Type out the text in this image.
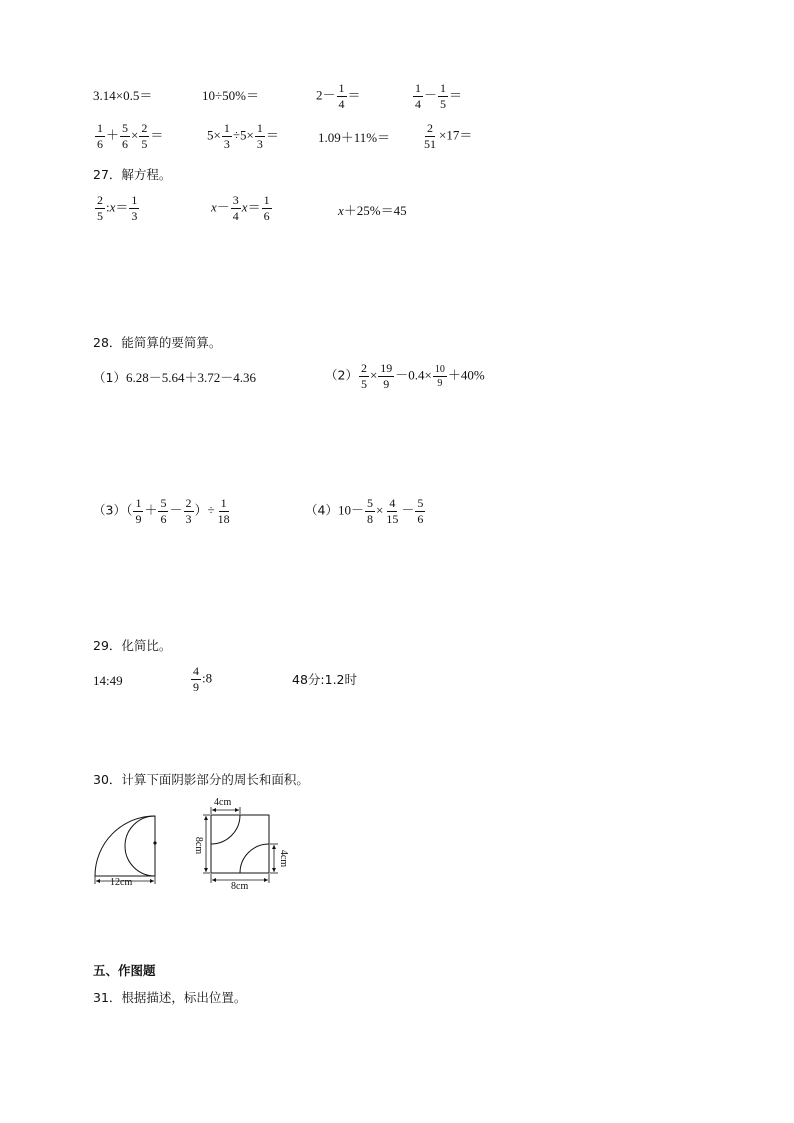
3.14×0.5＝	10÷50%＝	$2- \frac{1}{4}$ ＝	$\frac{1}{4} - \frac{1}{5}$ ＝
$\frac{1}{6} + \frac{5}{6} \times \frac{2}{5}$ ＝	$5\times \frac{1}{3} \div 5\times \frac{1}{3}$ ＝	1.09＋11%＝	$\frac{2}{51} \times 17=$
27．解方程。
$\frac{2}{5}$ :x＝ $\frac{1}{3}$	$x- \frac{3}{4} x= \frac{1}{6}$	x＋25%＝45
28．能简算的要简算。
（1）6.28－5.64＋3.72－4.36	$(2) \frac{2}{5} \times \frac{19}{9} -0.4\times \frac{10}{9} +40\%$
$(3)( \frac{1}{9} + \frac{5}{6} - \frac{2}{3}$ ）÷ $\frac{1}{18}$	$(4)10- \frac{5}{8} \times \frac{4}{15} - \frac{5}{6}$
29．化简比。
14:49	$\frac{4}{9}$ :8	48分:1.2时
30．计算下面阴影部分的周长和面积。
12cm
4cm
8cm
4cm
8cm
五、作图题
31．根据描述，标出位置。
